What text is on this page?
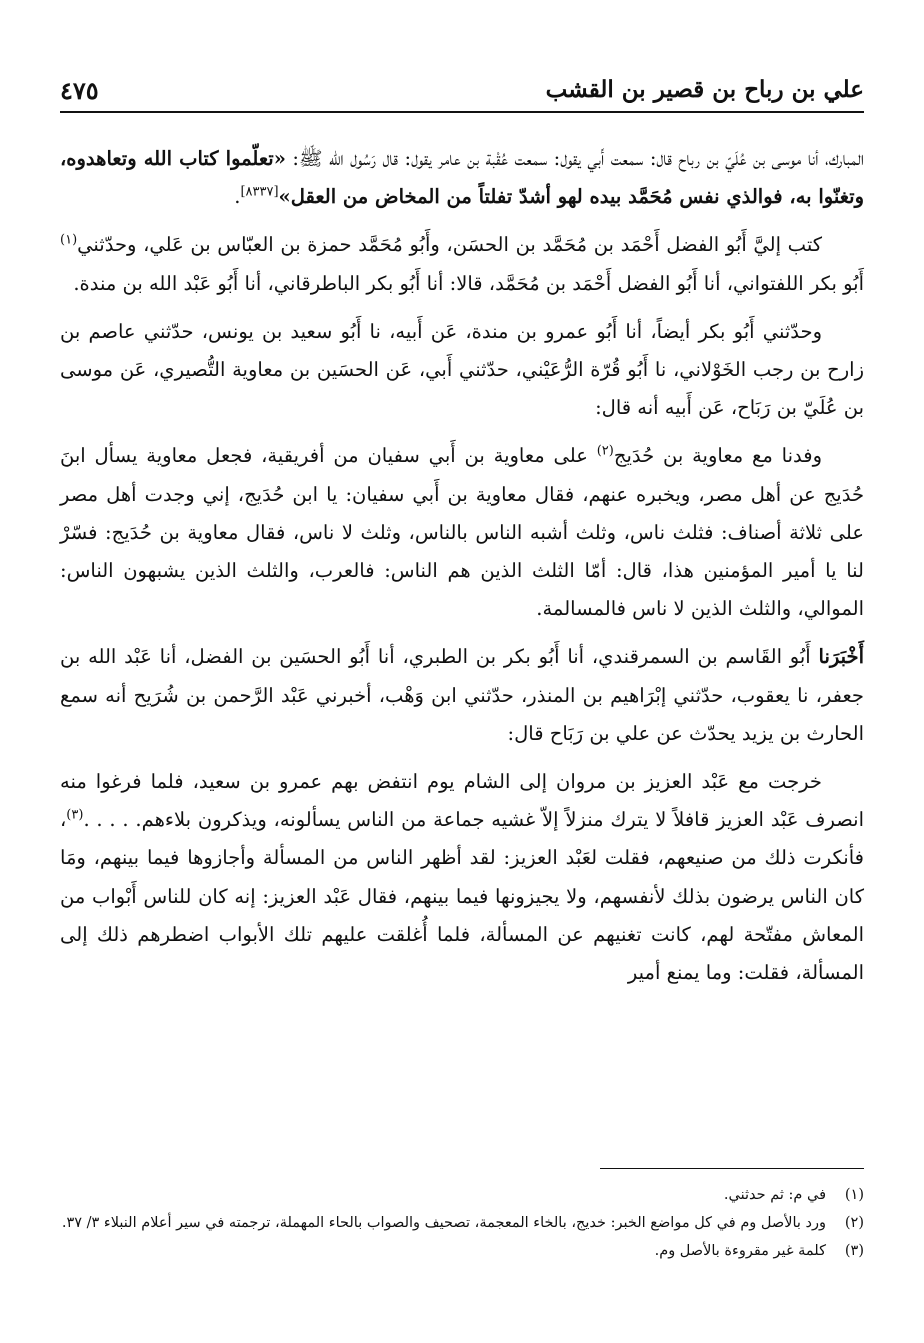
علي بن رباح بن قصير بن القشب
٤٧٥

المبارك، أنا موسى بن عُلَيّ بن رباح قال: سمعت أَبي يقول: سمعت عُقْبة بن عامر يقول: قال رَسُول الله ﷺ: «تعلّموا كتاب الله وتعاهدوه، وتغنّوا به، فوالذي نفس مُحَمَّد بيده لهو أشدّ تفلتاً من المخاض من العقل»[٨٣٣٧].

كتب إليَّ أَبُو الفضل أَحْمَد بن مُحَمَّد بن الحسَن، وأَبُو مُحَمَّد حمزة بن العبّاس بن عَلي، وحدّثني$^{(١)}$ أَبُو بكر اللفتواني، أنا أَبُو الفضل أَحْمَد بن مُحَمَّد، قالا: أنا أَبُو بكر الباطرقاني، أنا أَبُو عَبْد الله بن مندة.

وحدّثني أَبُو بكر أيضاً، أنا أَبُو عمرو بن مندة، عَن أَبيه، نا أَبُو سعيد بن يونس، حدّثني عاصم بن زارح بن رجب الخَوْلاني، نا أَبُو قُرّة الرُّعَيْني، حدّثني أَبي، عَن الحسَين بن معاوية التُّصيري، عَن موسى بن عُلَيّ بن رَبَاح، عَن أَبيه أنه قال:

وفدنا مع معاوية بن حُدَيج$^{(٢)}$ على معاوية بن أَبي سفيان من أفريقية، فجعل معاوية يسأل ابنَ حُدَيج عن أهل مصر، ويخبره عنهم، فقال معاوية بن أَبي سفيان: يا ابن حُدَيج، إني وجدت أهل مصر على ثلاثة أصناف: فثلث ناس، وثلث أشبه الناس بالناس، وثلث لا ناس، فقال معاوية بن حُدَيج: فسّرْ لنا يا أمير المؤمنين هذا، قال: أمّا الثلث الذين هم الناس: فالعرب، والثلث الذين يشبهون الناس: الموالي، والثلث الذين لا ناس فالمسالمة.

أَخْبَرَنا أَبُو القَاسم بن السمرقندي، أنا أَبُو بكر بن الطبري، أنا أَبُو الحسَين بن الفضل، أنا عَبْد الله بن جعفر، نا يعقوب، حدّثني إبْرَاهيم بن المنذر، حدّثني ابن وَهْب، أخبرني عَبْد الرَّحمن بن شُرَيح أنه سمع الحارث بن يزيد يحدّث عن علي بن رَبَاح قال:

خرجت مع عَبْد العزيز بن مروان إلى الشام يوم انتفض بهم عمرو بن سعيد، فلما فرغوا منه انصرف عَبْد العزيز قافلاً لا يترك منزلاً إلاّ غشيه جماعة من الناس يسألونه، ويذكرون بلاءهم. . . . .$^{(٣)}$، فأنكرت ذلك من صنيعهم، فقلت لعَبْد العزيز: لقد أظهر الناس من المسألة وأجازوها فيما بينهم، ومَا كان الناس يرضون بذلك لأنفسهم، ولا يجيزونها فيما بينهم، فقال عَبْد العزيز: إنه كان للناس أَبْواب من المعاش مفتّحة لهم، كانت تغنيهم عن المسألة، فلما أُغلقت عليهم تلك الأبواب اضطرهم ذلك إلى المسألة، فقلت: وما يمنع أمير

(١)
في م: ثم حدثني.
(٢)
ورد بالأصل وم في كل مواضع الخبر: خديج، بالخاء المعجمة، تصحيف والصواب بالحاء المهملة، ترجمته في سير أعلام النبلاء ٣/ ٣٧.
(٣)
كلمة غير مقروءة بالأصل وم.
